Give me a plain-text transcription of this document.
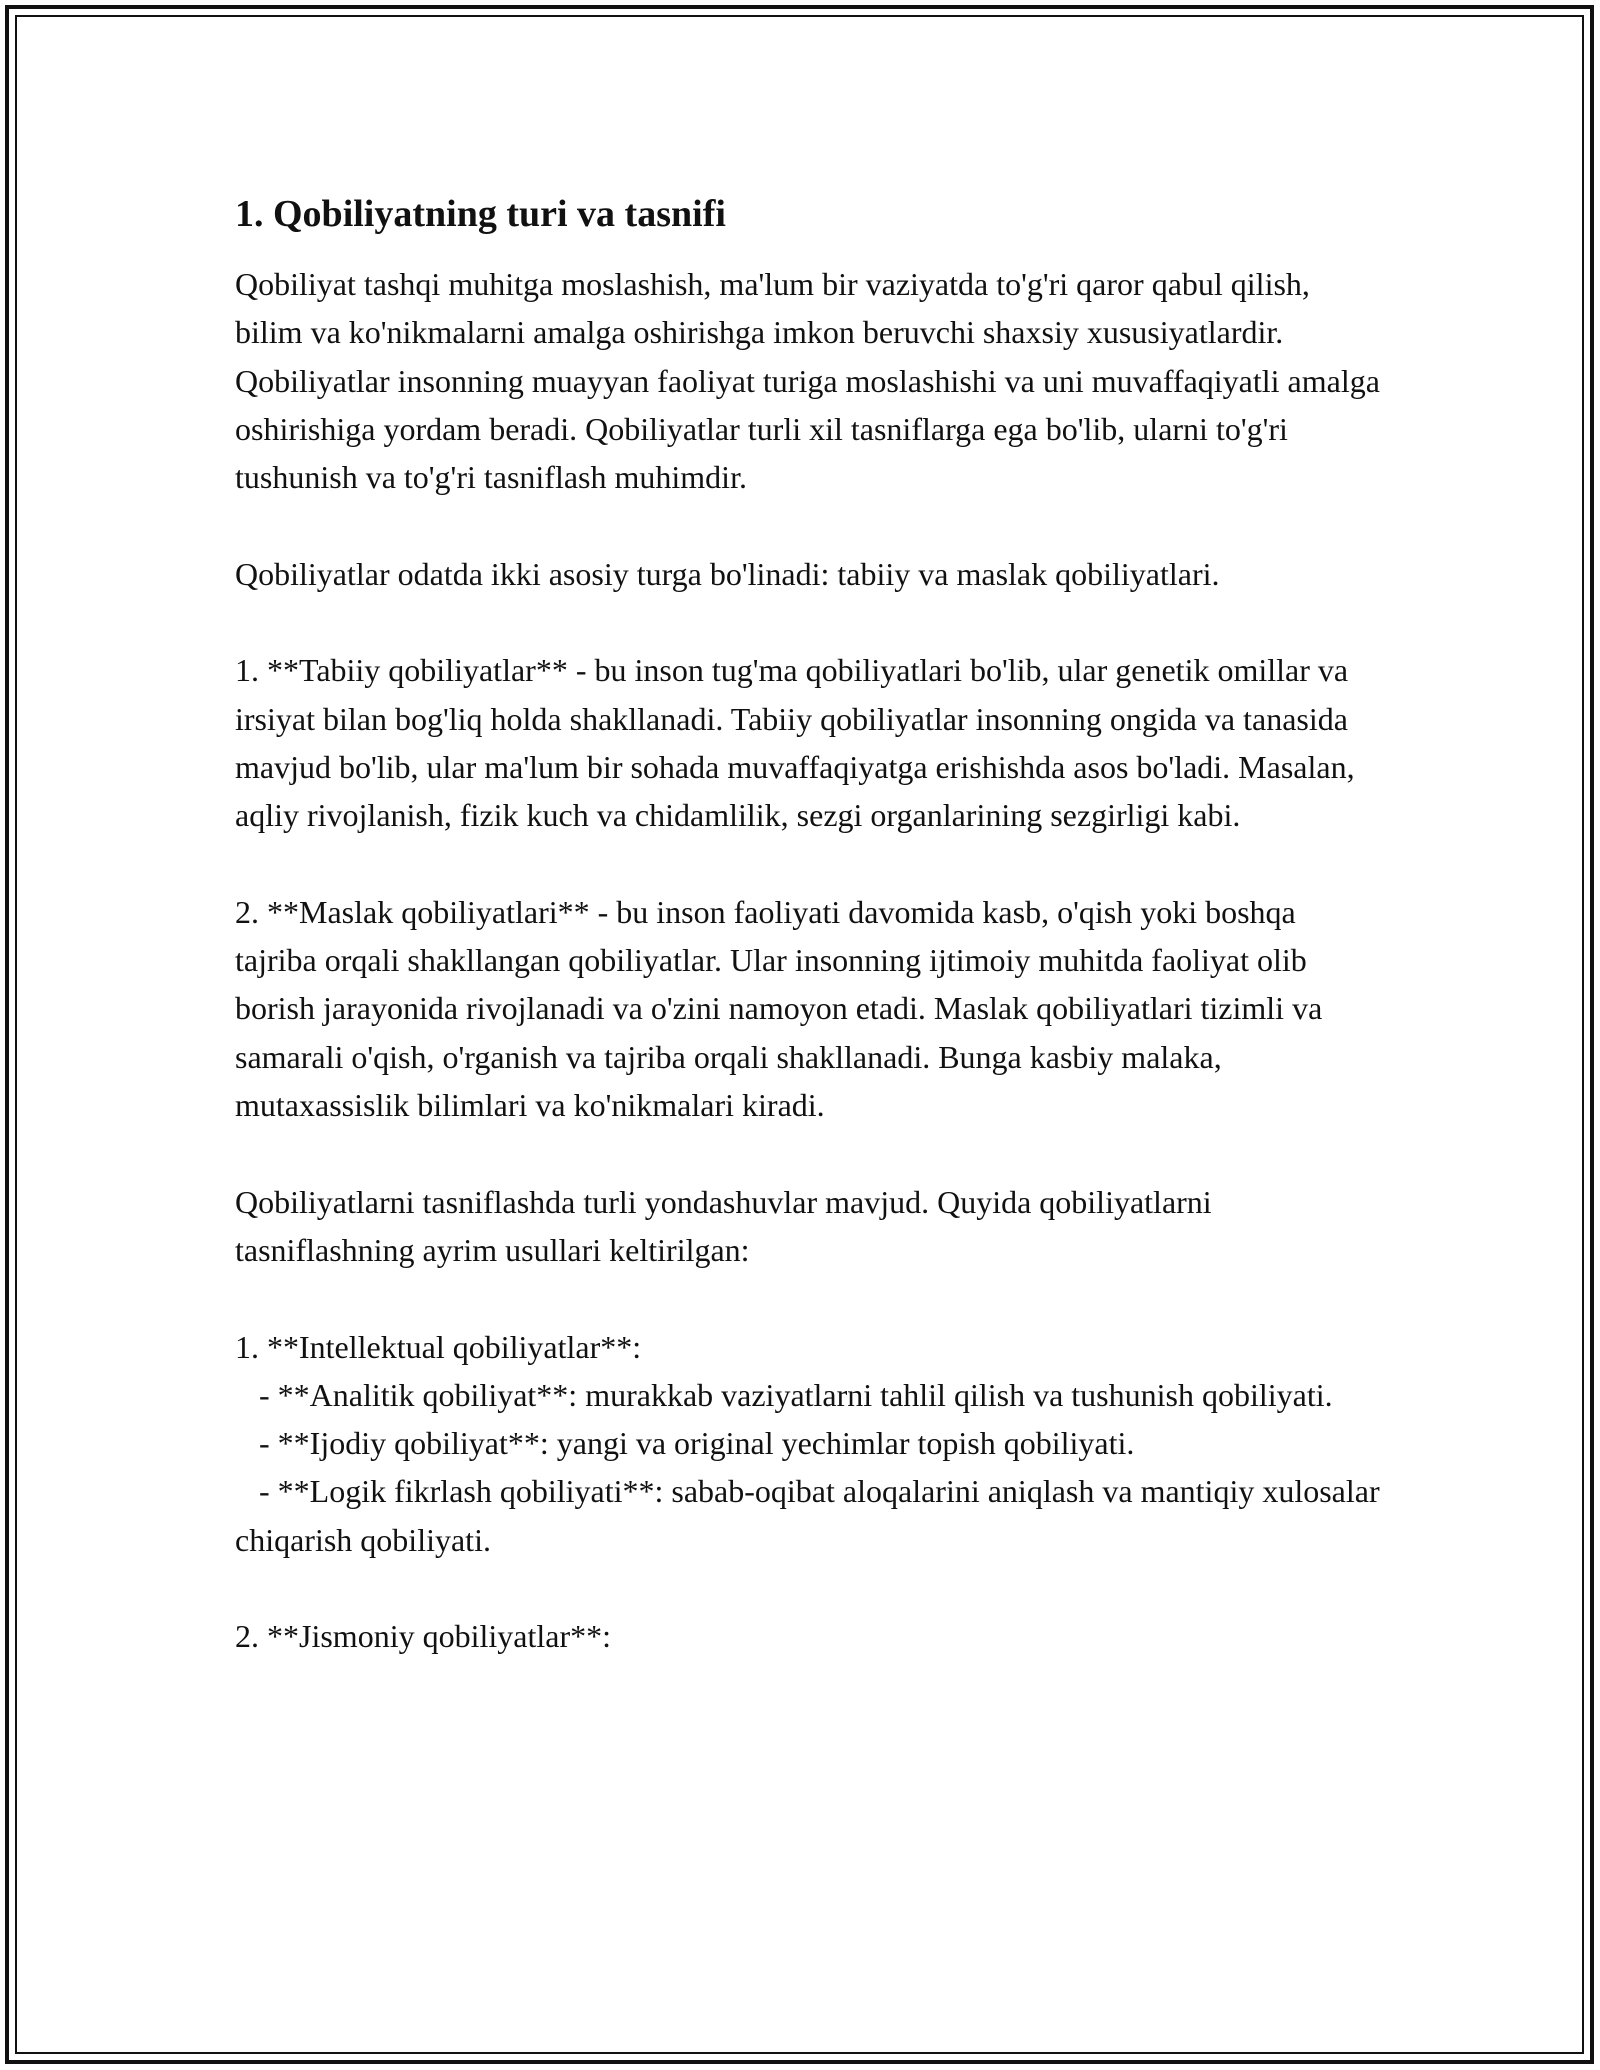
1. Qobiliyatning turi va tasnifi

Qobiliyat tashqi muhitga moslashish, ma'lum bir vaziyatda to'g'ri qaror qabul qilish, bilim va ko'nikmalarni amalga oshirishga imkon beruvchi shaxsiy xususiyatlardir. Qobiliyatlar insonning muayyan faoliyat turiga moslashishi va uni muvaffaqiyatli amalga oshirishiga yordam beradi. Qobiliyatlar turli xil tasniflarga ega bo'lib, ularni to'g'ri tushunish va to'g'ri tasniflash muhimdir.

Qobiliyatlar odatda ikki asosiy turga bo'linadi: tabiiy va maslak qobiliyatlari.

1. **Tabiiy qobiliyatlar** - bu inson tug'ma qobiliyatlari bo'lib, ular genetik omillar va irsiyat bilan bog'liq holda shakllanadi. Tabiiy qobiliyatlar insonning ongida va tanasida mavjud bo'lib, ular ma'lum bir sohada muvaffaqiyatga erishishda asos bo'ladi. Masalan, aqliy rivojlanish, fizik kuch va chidamlilik, sezgi organlarining sezgirligi kabi.

2. **Maslak qobiliyatlari** - bu inson faoliyati davomida kasb, o'qish yoki boshqa tajriba orqali shakllangan qobiliyatlar. Ular insonning ijtimoiy muhitda faoliyat olib borish jarayonida rivojlanadi va o'zini namoyon etadi. Maslak qobiliyatlari tizimli va samarali o'qish, o'rganish va tajriba orqali shakllanadi. Bunga kasbiy malaka, mutaxassislik bilimlari va ko'nikmalari kiradi.

Qobiliyatlarni tasniflashda turli yondashuvlar mavjud. Quyida qobiliyatlarni tasniflashning ayrim usullari keltirilgan:

1. **Intellektual qobiliyatlar**:
- **Analitik qobiliyat**: murakkab vaziyatlarni tahlil qilish va tushunish qobiliyati.
- **Ijodiy qobiliyat**: yangi va original yechimlar topish qobiliyati.
- **Logik fikrlash qobiliyati**: sabab-oqibat aloqalarini aniqlash va mantiqiy xulosalar chiqarish qobiliyati.

2. **Jismoniy qobiliyatlar**:
